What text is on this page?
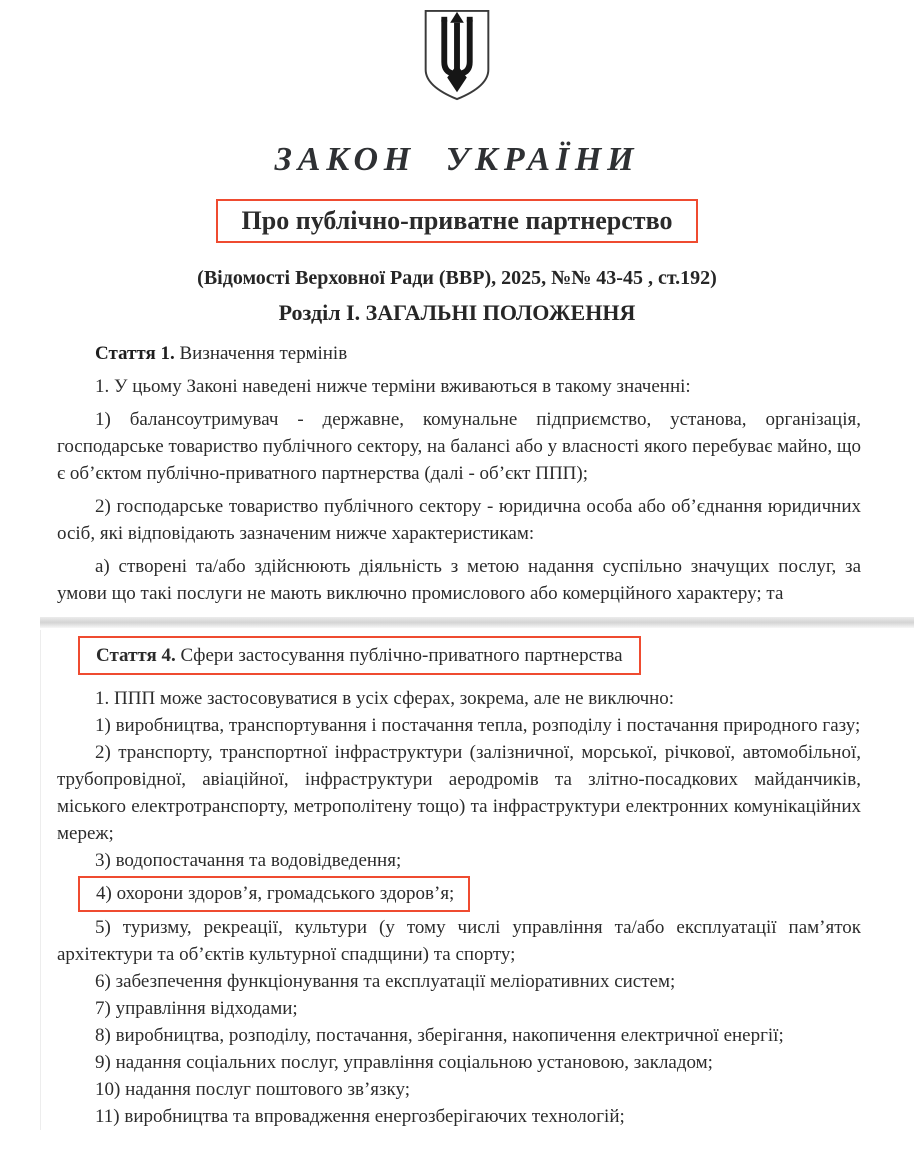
ЗАКОН УКРАЇНИ
Про публічно-приватне партнерство

(Відомості Верховної Ради (ВВР), 2025, №№ 43-45 , ст.192)

Розділ I. ЗАГАЛЬНІ ПОЛОЖЕННЯ

Стаття 1. Визначення термінів

1. У цьому Законі наведені нижче терміни вживаються в такому значенні:

1) балансоутримувач - державне, комунальне підприємство, установа, організація, господарське товариство публічного сектору, на балансі або у власності якого перебуває майно, що є об’єктом публічно-приватного партнерства (далі - об’єкт ППП);

2) господарське товариство публічного сектору - юридична особа або об’єднання юридичних осіб, які відповідають зазначеним нижче характеристикам:

а) створені та/або здійснюють діяльність з метою надання суспільно значущих послуг, за умови що такі послуги не мають виключно промислового або комерційного характеру; та

Стаття 4. Сфери застосування публічно-приватного партнерства

1. ППП може застосовуватися в усіх сферах, зокрема, але не виключно:

1) виробництва, транспортування і постачання тепла, розподілу і постачання природного газу;

2) транспорту, транспортної інфраструктури (залізничної, морської, річкової, автомобільної, трубопровідної, авіаційної, інфраструктури аеродромів та злітно-посадкових майданчиків, міського електротранспорту, метрополітену тощо) та інфраструктури електронних комунікаційних мереж;

3) водопостачання та водовідведення;

4) охорони здоров’я, громадського здоров’я;

5) туризму, рекреації, культури (у тому числі управління та/або експлуатації пам’яток архітектури та об’єктів культурної спадщини) та спорту;

6) забезпечення функціонування та експлуатації меліоративних систем;

7) управління відходами;

8) виробництва, розподілу, постачання, зберігання, накопичення електричної енергії;

9) надання соціальних послуг, управління соціальною установою, закладом;

10) надання послуг поштового зв’язку;

11) виробництва та впровадження енергозберігаючих технологій;
